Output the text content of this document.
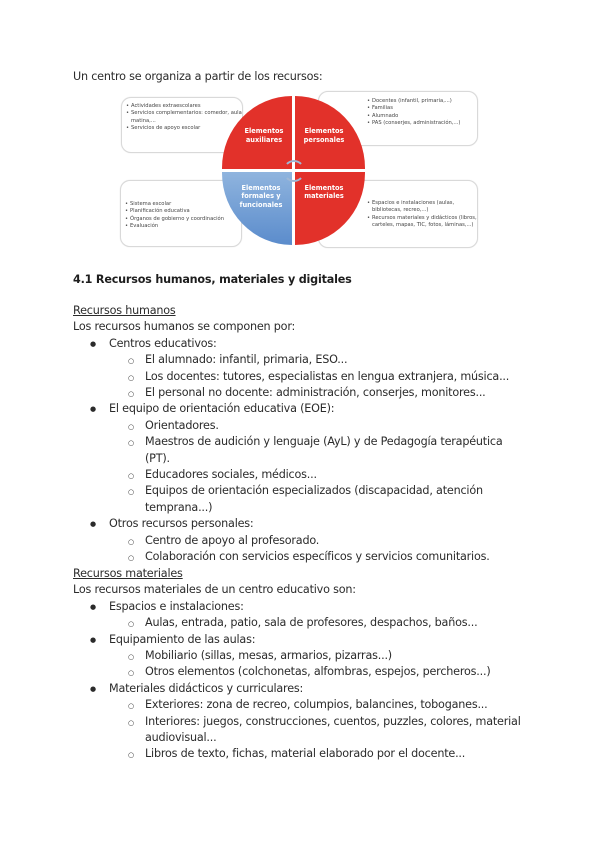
Un centro se organiza a partir de los recursos:
• Actividades extraescolares
• Servicios complementarios: comedor, aula matina,...
• Servicios de apoyo escolar
• Docentes (infantil, primaria,...)
• Familias
• Alumnado
• PAS (conserjes, administración,...)
• Sistema escolar
• Planificación educativa
• Órganos de gobierno y coordinación
• Evaluación
• Espacios e instalaciones (aulas, bibliotecas, recreo,...)
• Recursos materiales y didácticos (libros, carteles, mapas, TIC, fotos, láminas,...)
Elementos auxiliares
Elementos personales
Elementos formales y funcionales
Elementos materiales
4.1 Recursos humanos, materiales y digitales
Recursos humanos
Los recursos humanos se componen por:
● Centros educativos:
○ El alumnado: infantil, primaria, ESO...
○ Los docentes: tutores, especialistas en lengua extranjera, música...
○ El personal no docente: administración, conserjes, monitores...
● El equipo de orientación educativa (EOE):
○ Orientadores.
○ Maestros de audición y lenguaje (AyL) y de Pedagogía terapéutica
(PT).
○ Educadores sociales, médicos...
○ Equipos de orientación especializados (discapacidad, atención
temprana...)
● Otros recursos personales:
○ Centro de apoyo al profesorado.
○ Colaboración con servicios específicos y servicios comunitarios.
Recursos materiales
Los recursos materiales de un centro educativo son:
● Espacios e instalaciones:
○ Aulas, entrada, patio, sala de profesores, despachos, baños...
● Equipamiento de las aulas:
○ Mobiliario (sillas, mesas, armarios, pizarras...)
○ Otros elementos (colchonetas, alfombras, espejos, percheros...)
● Materiales didácticos y curriculares:
○ Exteriores: zona de recreo, columpios, balancines, toboganes...
○ Interiores: juegos, construcciones, cuentos, puzzles, colores, material
audiovisual...
○ Libros de texto, fichas, material elaborado por el docente...
